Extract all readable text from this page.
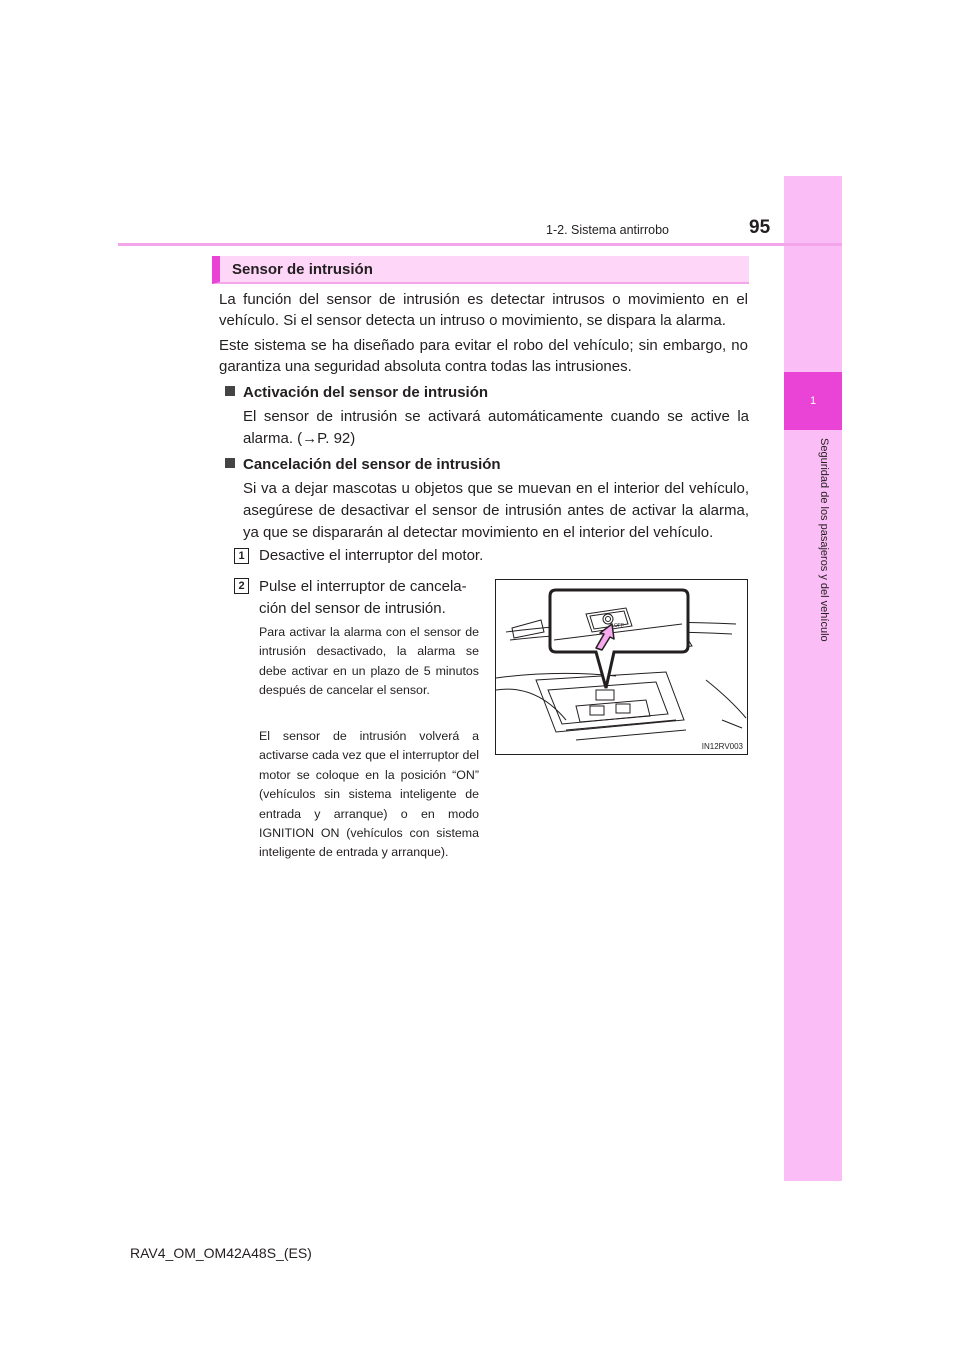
1
Seguridad de los pasajeros y del vehículo
1-2. Sistema antirrobo	95
Sensor de intrusión

La función del sensor de intrusión es detectar intrusos o movimiento en el vehículo. Si el sensor detecta un intruso o movimiento, se dispara la alarma.

Este sistema se ha diseñado para evitar el robo del vehículo; sin embargo, no garantiza una seguridad absoluta contra todas las intrusiones.

Activación del sensor de intrusión

El sensor de intrusión se activará automáticamente cuando se active la alarma. (→P. 92)

Cancelación del sensor de intrusión

Si va a dejar mascotas u objetos que se muevan en el interior del vehículo, asegúrese de desactivar el sensor de intrusión antes de activar la alarma, ya que se dispararán al detectar movimiento en el interior del vehículo.

1 Desactive el interruptor del motor.
2 Pulse el interruptor de cancela-
ción del sensor de intrusión.

Para activar la alarma con el sensor de intrusión desactivado, la alarma se debe activar en un plazo de 5 minutos después de cancelar el sensor.

El sensor de intrusión volverá a activarse cada vez que el interruptor del motor se coloque en la posición “ON” (vehículos sin sistema inteligente de entrada y arranque) o en modo IGNITION ON (vehículos con sistema inteligente de entrada y arranque).

OFF
IN12RV003
RAV4_OM_OM42A48S_(ES)
